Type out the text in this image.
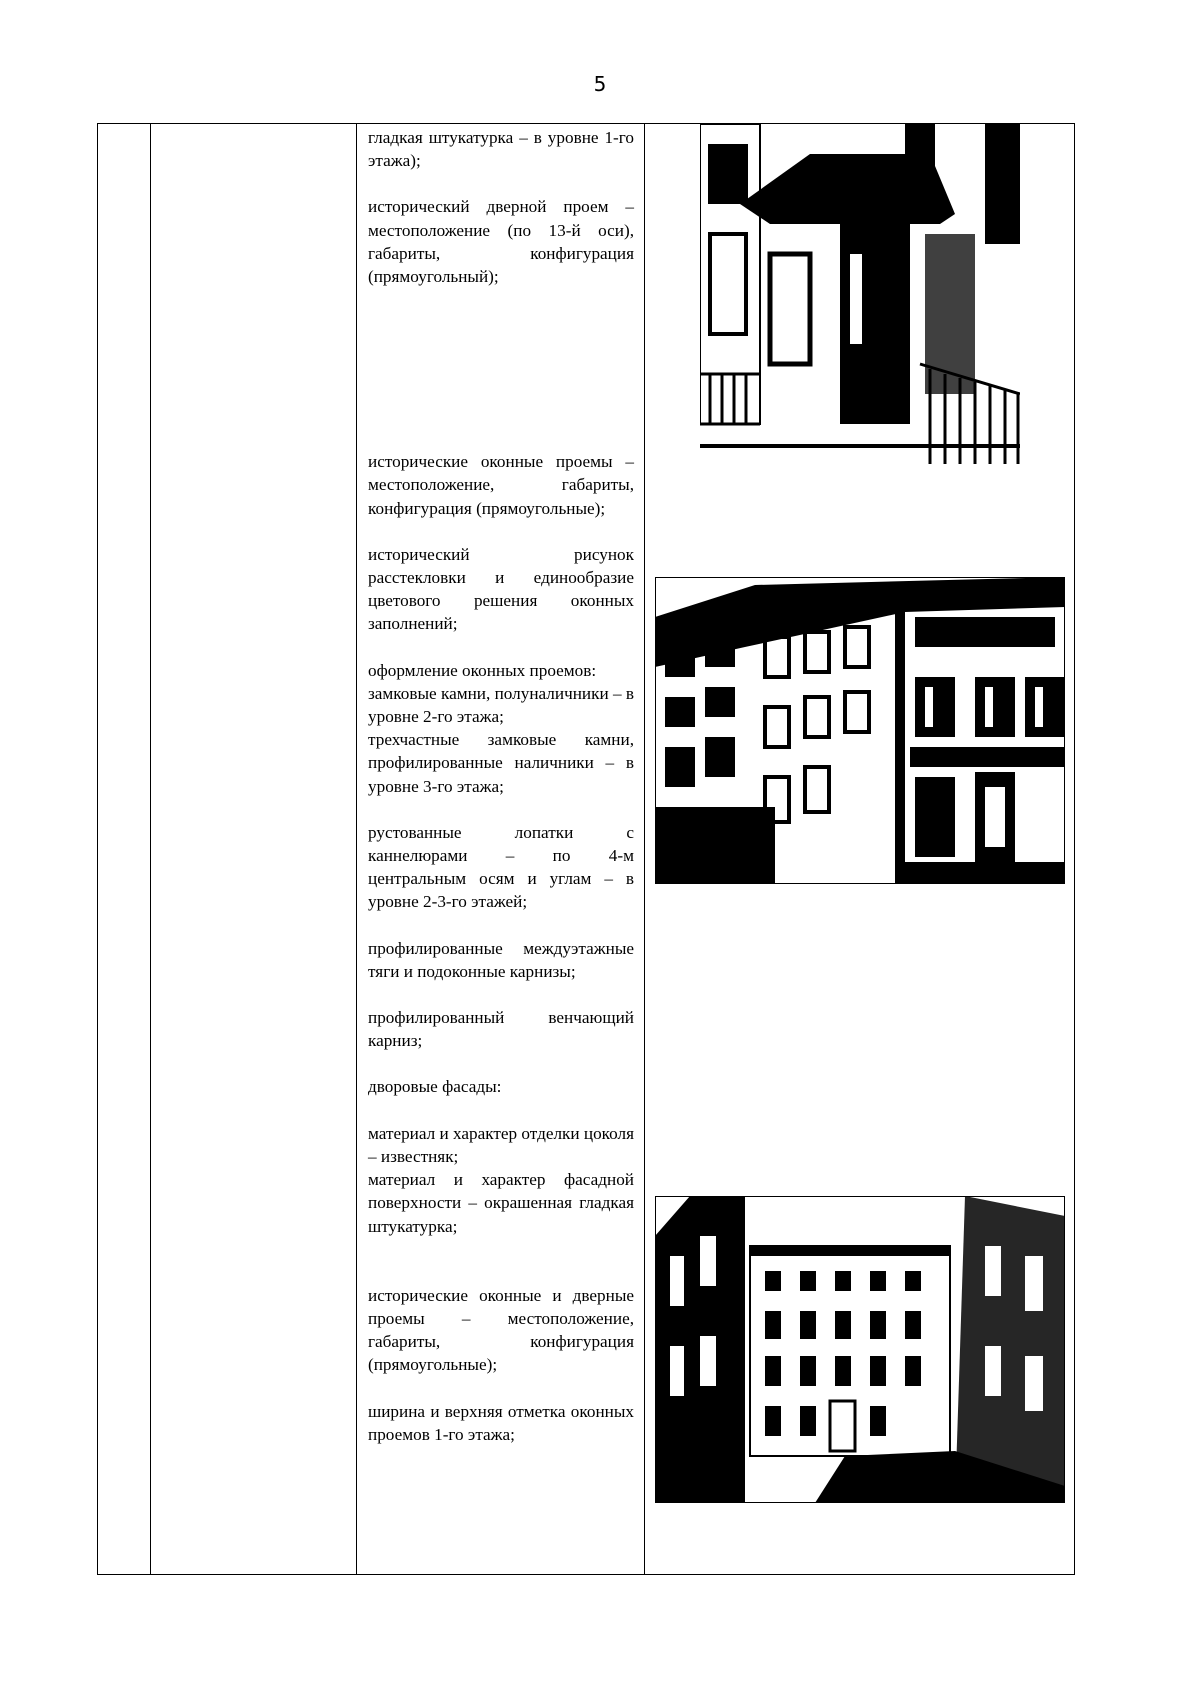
5

гладкая штукатурка – в уровне 1-го этажа);

исторический дверной проем – местоположение (по 13-й оси), габариты, конфигурация (прямоугольный);

исторические оконные проемы – местоположение, габариты, конфигурация (прямоугольные);

исторический рисунок расстекловки и единообразие цветового решения оконных заполнений;

оформление оконных проемов:
замковые камни, полуналичники – в уровне 2-го этажа;
трехчастные замковые камни, профилированные наличники – в уровне 3-го этажа;

рустованные лопатки с каннелюрами – по 4-м центральным осям и углам – в уровне 2-3-го этажей;

профилированные междуэтажные тяги и подоконные карнизы;

профилированный венчающий карниз;

дворовые фасады:

материал и характер отделки цоколя – известняк;
материал и характер фасадной поверхности – окрашенная гладкая штукатурка;

исторические оконные и дверные проемы – местоположение, габариты, конфигурация (прямоугольные);

ширина и верхняя отметка оконных проемов 1-го этажа;
